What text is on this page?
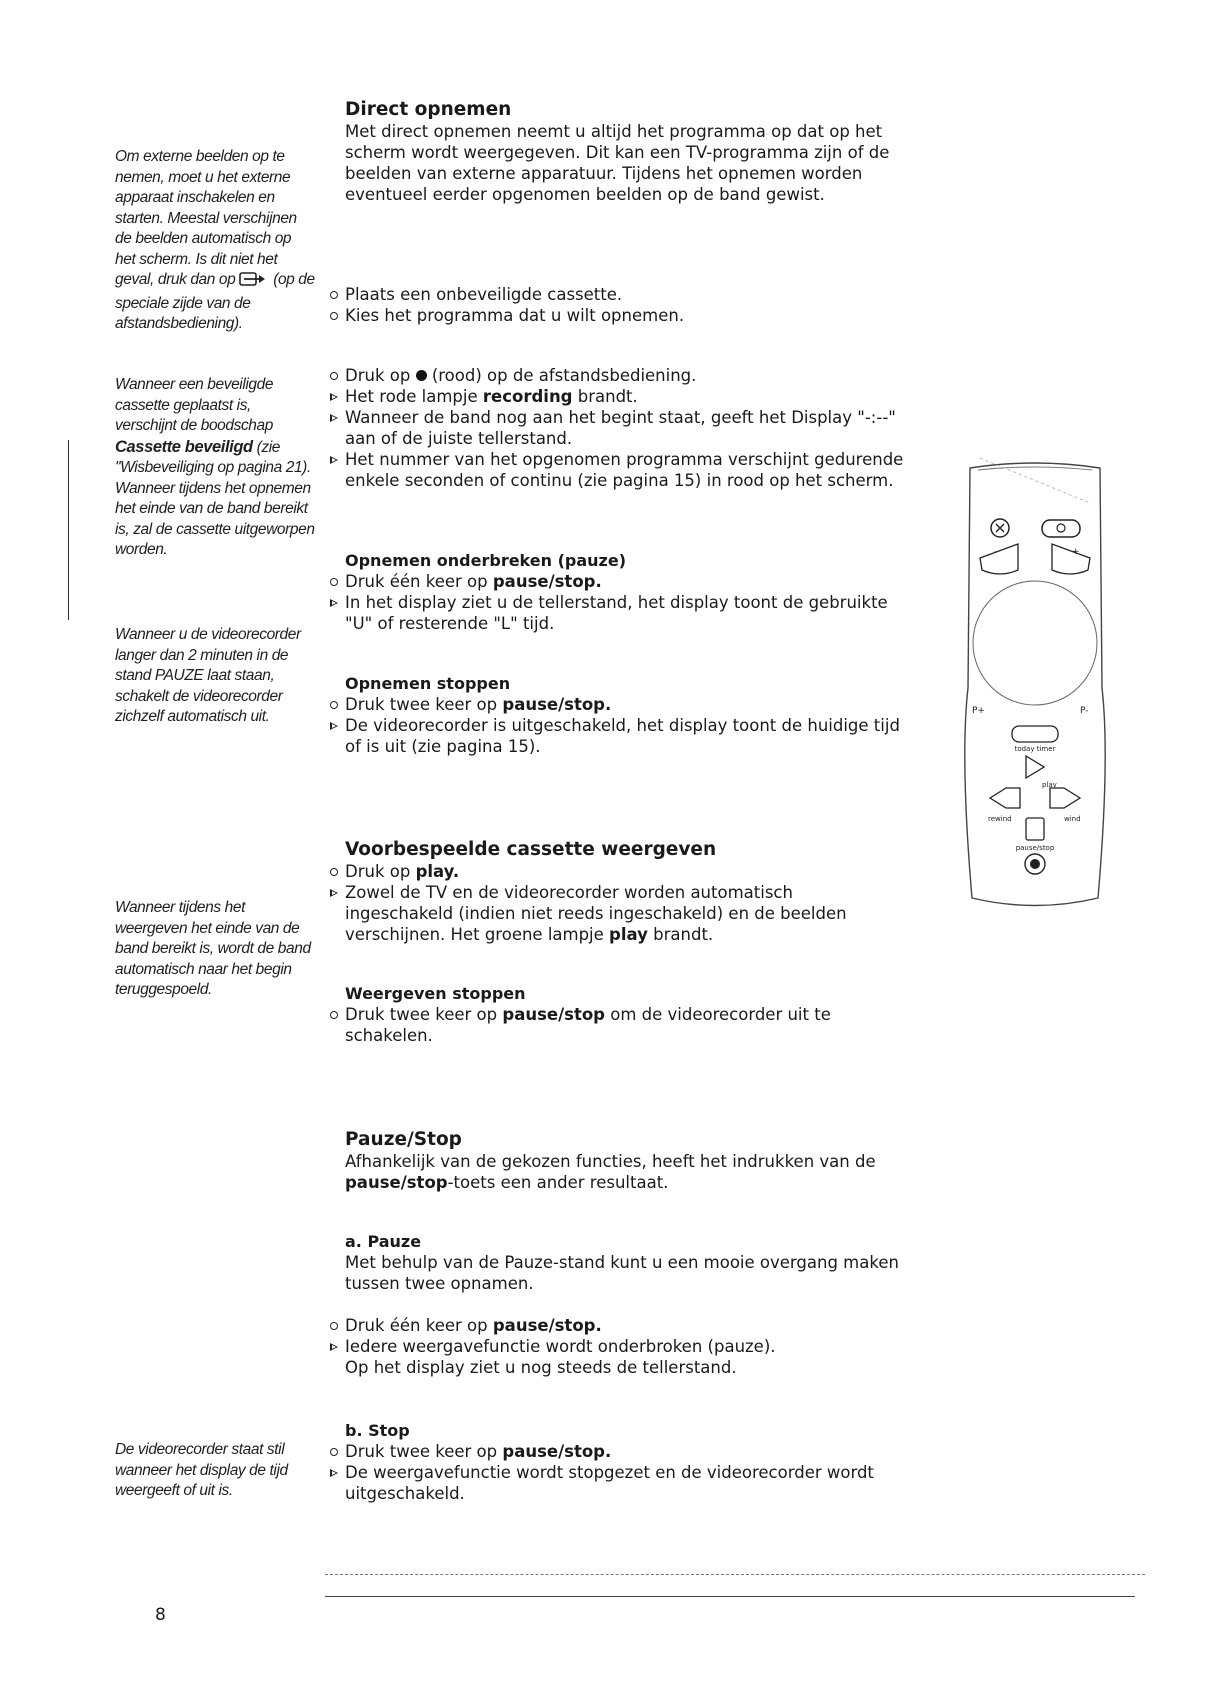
Om externe beelden op te nemen, moet u het externe apparaat inschakelen en starten. Meestal verschijnen de beelden automatisch op het scherm. Is dit niet het geval, druk dan op (op de speciale zijde van de afstandsbediening).
Wanneer een beveiligde cassette geplaatst is, verschijnt de boodschap Cassette beveiligd (zie "Wisbeveiliging op pagina 21).
Wanneer tijdens het opnemen het einde van de band bereikt is, zal de cassette uitgeworpen worden.
Wanneer u de videorecorder langer dan 2 minuten in de stand PAUZE laat staan, schakelt de videorecorder zichzelf automatisch uit.
Wanneer tijdens het weergeven het einde van de band bereikt is, wordt de band automatisch naar het begin teruggespoeld.
De videorecorder staat stil wanneer het display de tijd weergeeft of uit is.
Direct opnemen

Met direct opnemen neemt u altijd het programma op dat op het scherm wordt weergegeven. Dit kan een TV-programma zijn of de beelden van externe apparatuur. Tijdens het opnemen worden eventueel eerder opgenomen beelden op de band gewist.

Plaats een onbeveiligde cassette.
Kies het programma dat u wilt opnemen.
Druk op (rood) op de afstandsbediening.
Het rode lampje recording brandt.
Wanneer de band nog aan het begint staat, geeft het Display "-:--" aan of de juiste tellerstand.
Het nummer van het opgenomen programma verschijnt gedurende enkele seconden of continu (zie pagina 15) in rood op het scherm.
Opnemen onderbreken (pauze)
Druk één keer op pause/stop.
In het display ziet u de tellerstand, het display toont de gebruikte "U" of resterende "L" tijd.
Opnemen stoppen
Druk twee keer op pause/stop.
De videorecorder is uitgeschakeld, het display toont de huidige tijd of is uit (zie pagina 15).
Voorbespeelde cassette weergeven
Druk op play.
Zowel de TV en de videorecorder worden automatisch ingeschakeld (indien niet reeds ingeschakeld) en de beelden verschijnen. Het groene lampje play brandt.
Weergeven stoppen
Druk twee keer op pause/stop om de videorecorder uit te schakelen.
Pauze/Stop

Afhankelijk van de gekozen functies, heeft het indrukken van de pause/stop-toets een ander resultaat.

a. Pauze

Met behulp van de Pauze-stand kunt u een mooie overgang maken tussen twee opnamen.

Druk één keer op pause/stop.
Iedere weergavefunctie wordt onderbroken (pauze).
Op het display ziet u nog steeds de tellerstand.
b. Stop
Druk twee keer op pause/stop.
De weergavefunctie wordt stopgezet en de videorecorder wordt uitgeschakeld.
-	+
P+	P-
today timer
play
rewind	wind
pause/stop
8
